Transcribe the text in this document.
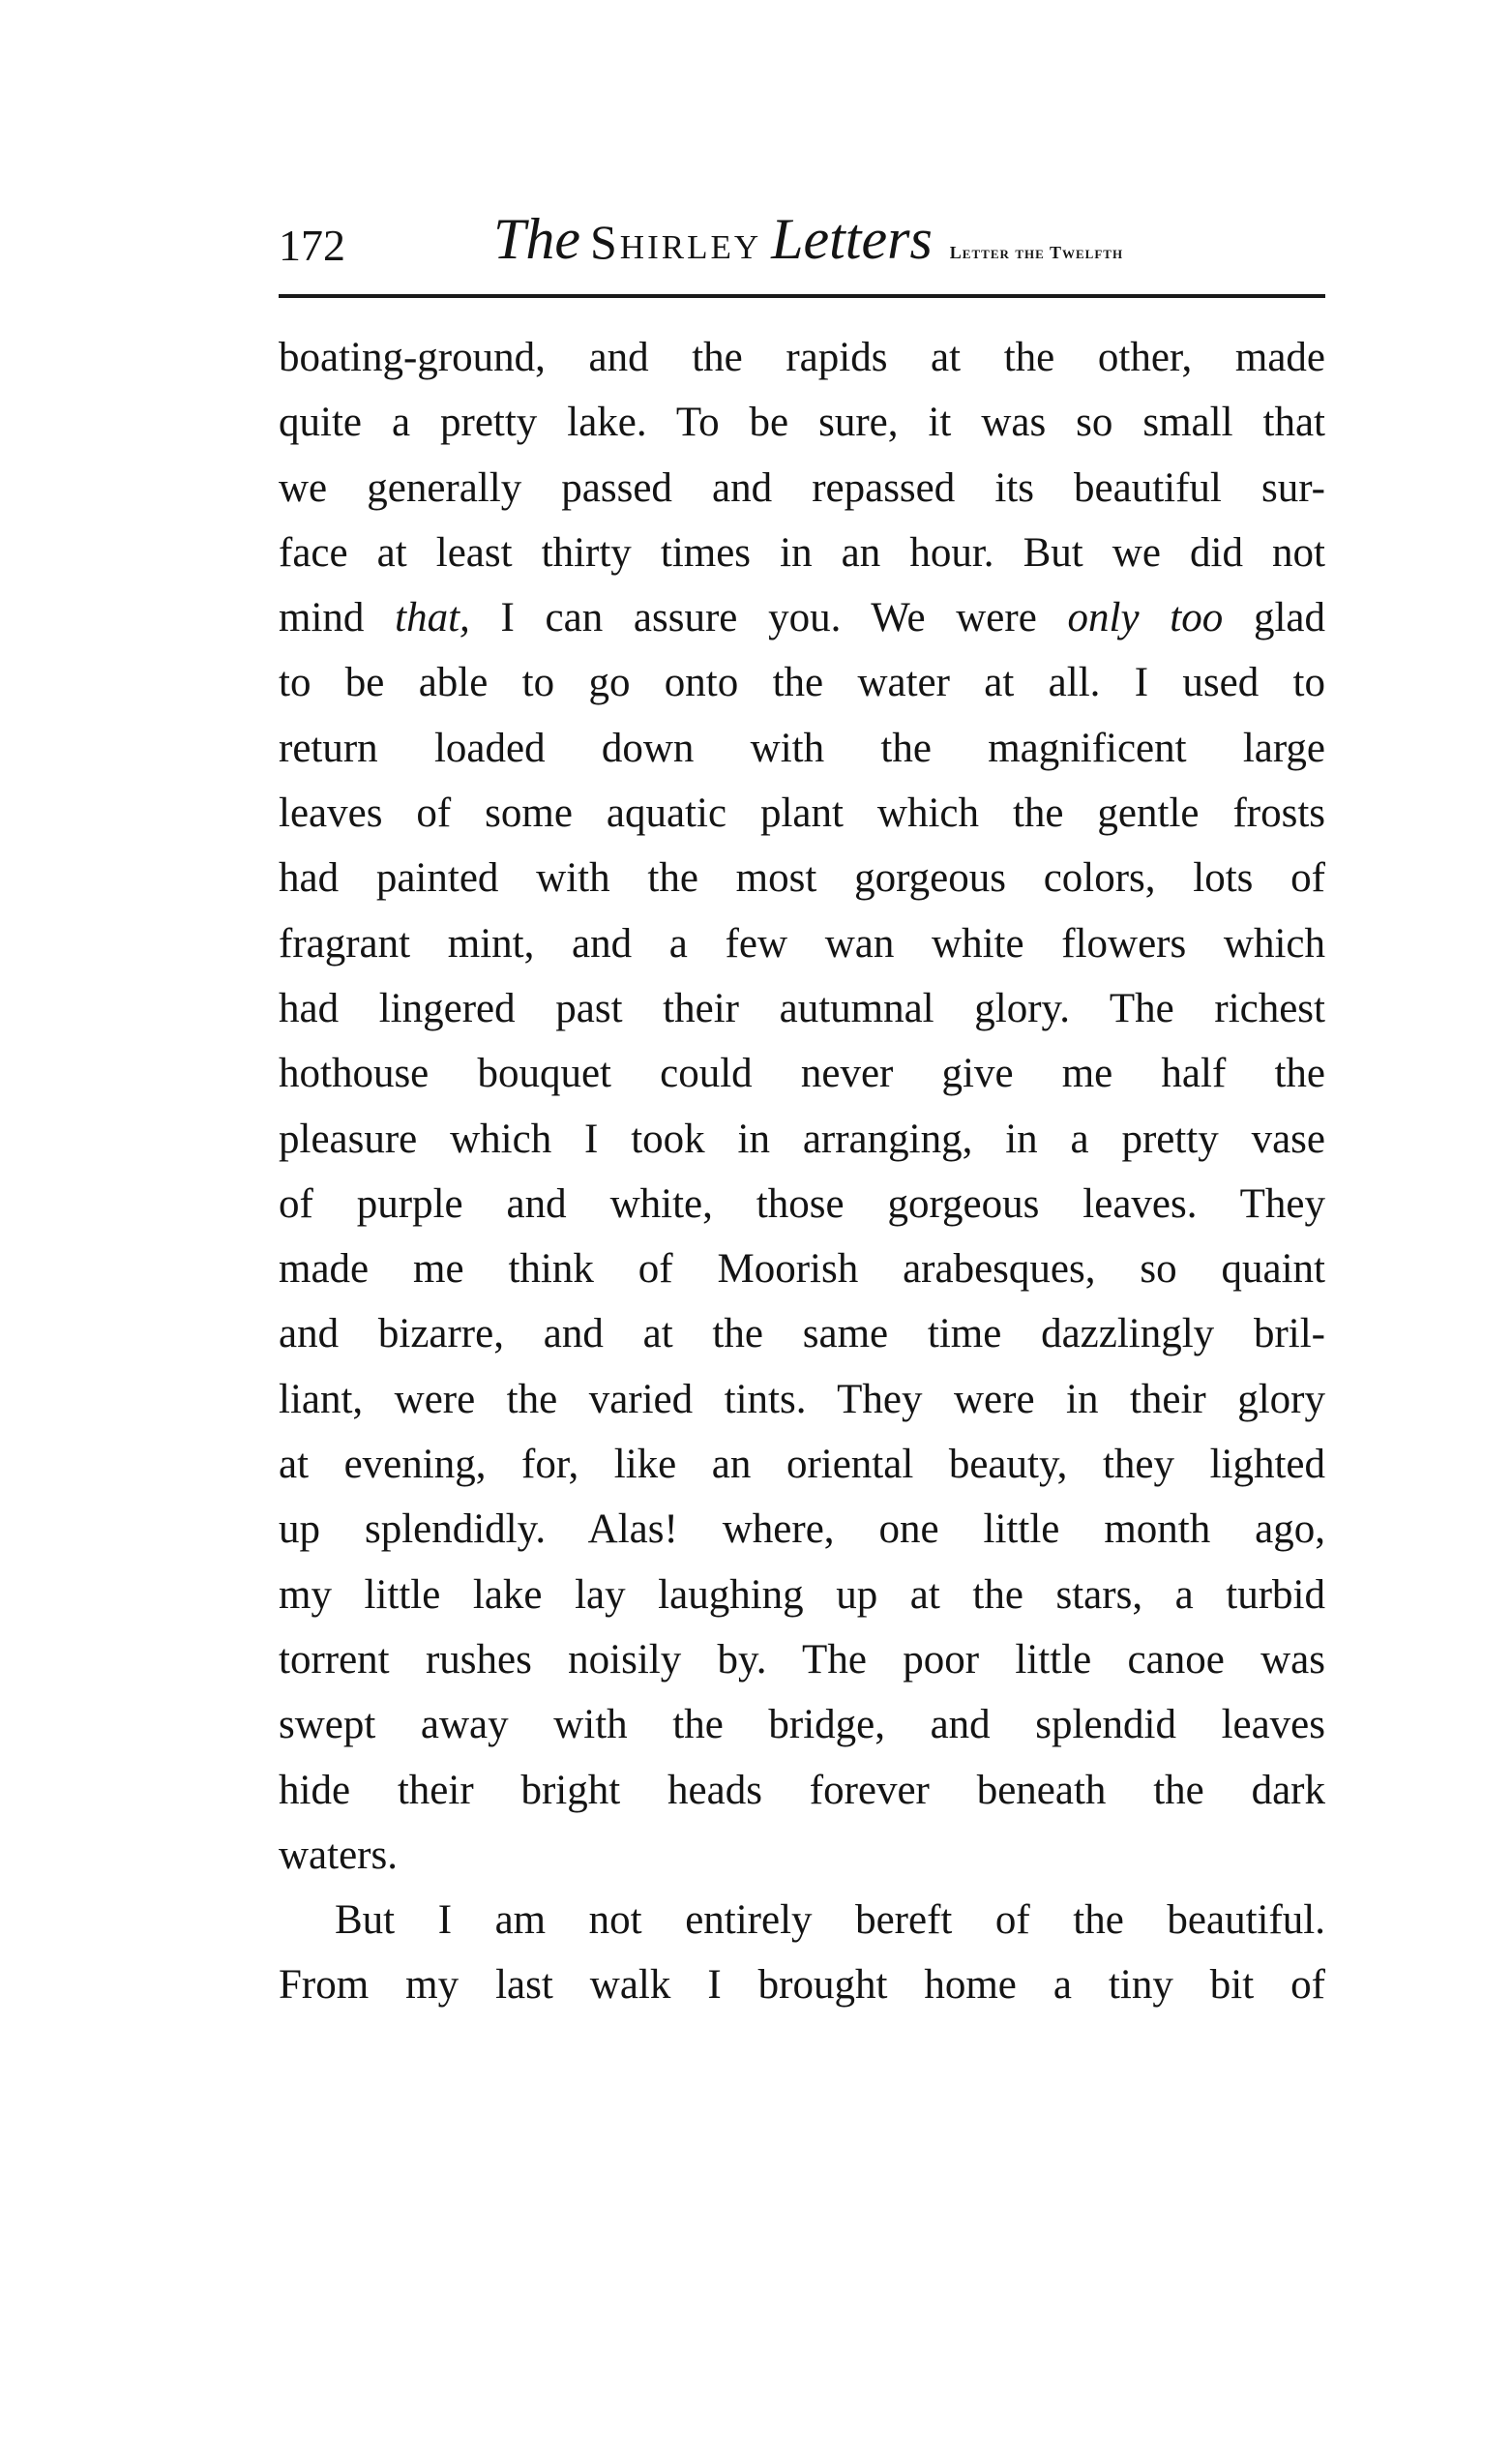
172	The Shirley Letters Letter the Twelfth
boating-ground, and the rapids at the other, made
quite a pretty lake. To be sure, it was so small that
we generally passed and repassed its beautiful sur-
face at least thirty times in an hour. But we did not
mind that, I can assure you. We were only too glad
to be able to go onto the water at all. I used to
return loaded down with the magnificent large
leaves of some aquatic plant which the gentle frosts
had painted with the most gorgeous colors, lots of
fragrant mint, and a few wan white flowers which
had lingered past their autumnal glory. The richest
hothouse bouquet could never give me half the
pleasure which I took in arranging, in a pretty vase
of purple and white, those gorgeous leaves. They
made me think of Moorish arabesques, so quaint
and bizarre, and at the same time dazzlingly bril-
liant, were the varied tints. They were in their glory
at evening, for, like an oriental beauty, they lighted
up splendidly. Alas! where, one little month ago,
my little lake lay laughing up at the stars, a turbid
torrent rushes noisily by. The poor little canoe was
swept away with the bridge, and splendid leaves
hide their bright heads forever beneath the dark
waters.
But I am not entirely bereft of the beautiful.
From my last walk I brought home a tiny bit of
